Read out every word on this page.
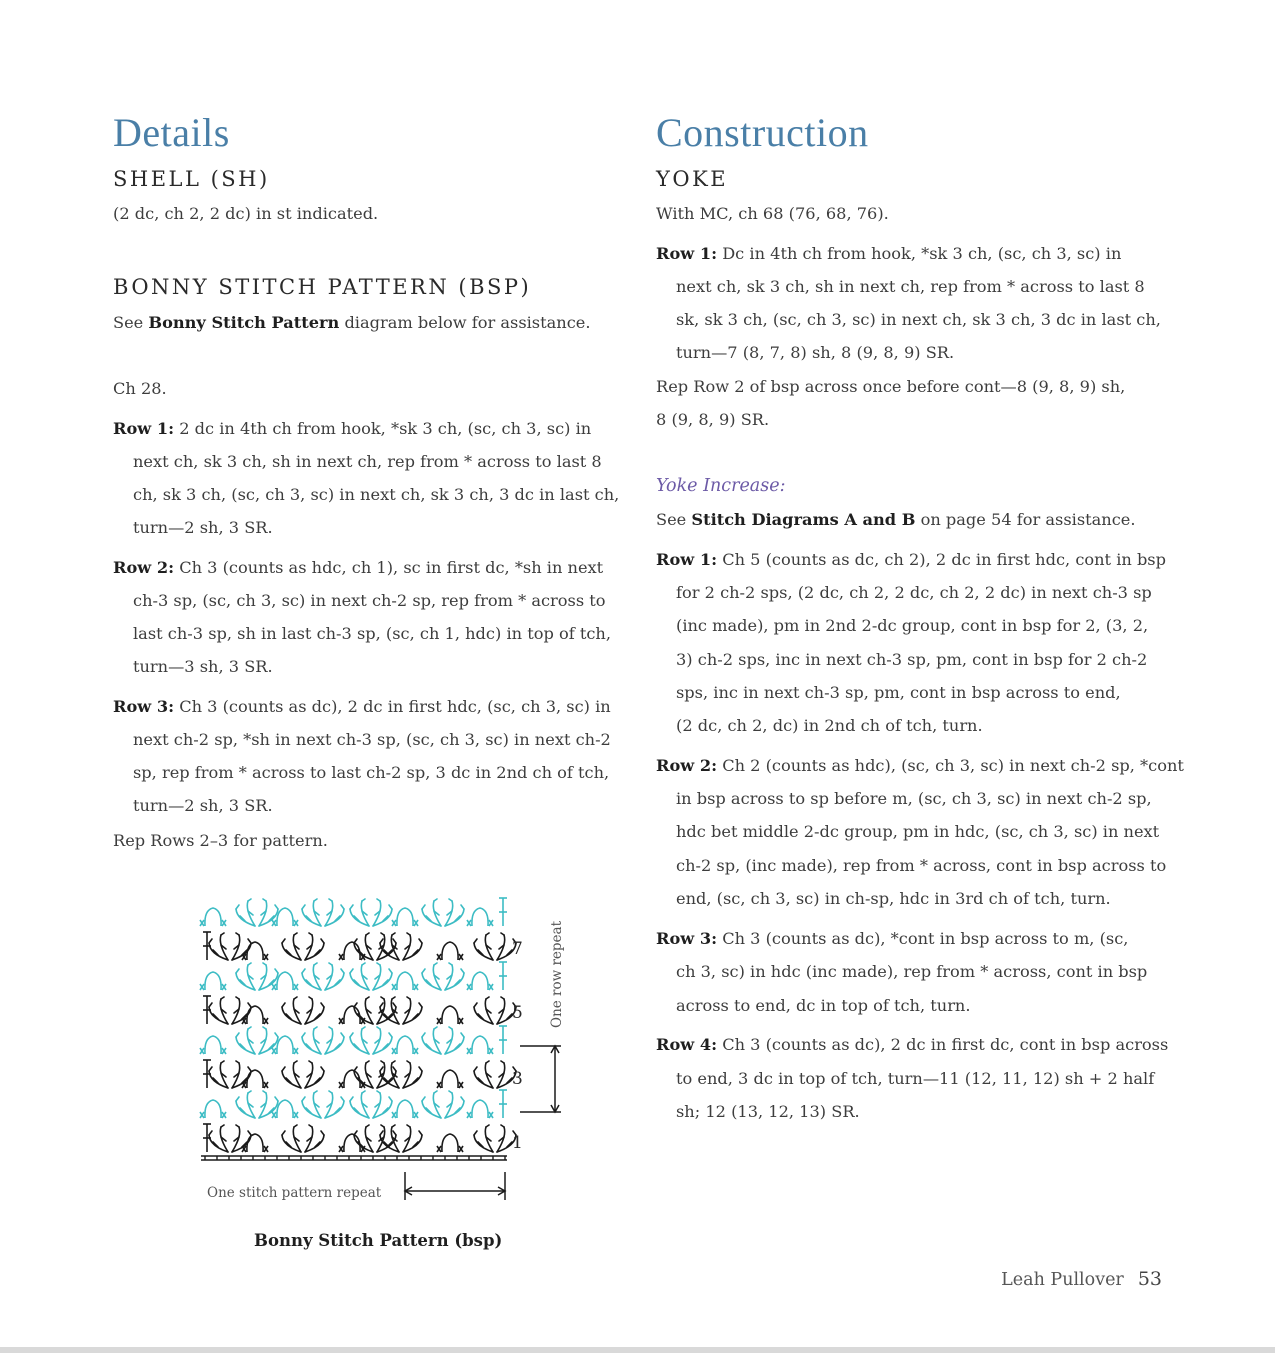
Details
SHELL (SH)
(2 dc, ch 2, 2 dc) in st indicated.
BONNY STITCH PATTERN (BSP)
See Bonny Stitch Pattern diagram below for assistance.
Ch 28.
Row 1: 2 dc in 4th ch from hook, *sk 3 ch, (sc, ch 3, sc) in
next ch, sk 3 ch, sh in next ch, rep from * across to last 8
ch, sk 3 ch, (sc, ch 3, sc) in next ch, sk 3 ch, 3 dc in last ch,
turn—2 sh, 3 SR.
Row 2: Ch 3 (counts as hdc, ch 1), sc in first dc, *sh in next
ch-3 sp, (sc, ch 3, sc) in next ch-2 sp, rep from * across to
last ch-3 sp, sh in last ch-3 sp, (sc, ch 1, hdc) in top of tch,
turn—3 sh, 3 SR.
Row 3: Ch 3 (counts as dc), 2 dc in first hdc, (sc, ch 3, sc) in
next ch-2 sp, *sh in next ch-3 sp, (sc, ch 3, sc) in next ch-2
sp, rep from * across to last ch-2 sp, 3 dc in 2nd ch of tch,
turn—2 sh, 3 SR.
Rep Rows 2–3 for pattern.
7
5
3
1
One row repeat
One stitch pattern repeat

Bonny Stitch Pattern (bsp)

Construction
YOKE
With MC, ch 68 (76, 68, 76).
Row 1: Dc in 4th ch from hook, *sk 3 ch, (sc, ch 3, sc) in
next ch, sk 3 ch, sh in next ch, rep from * across to last 8
sk, sk 3 ch, (sc, ch 3, sc) in next ch, sk 3 ch, 3 dc in last ch,
turn—7 (8, 7, 8) sh, 8 (9, 8, 9) SR.
Rep Row 2 of bsp across once before cont—8 (9, 8, 9) sh,
8 (9, 8, 9) SR.
Yoke Increase:
See Stitch Diagrams A and B on page 54 for assistance.
Row 1: Ch 5 (counts as dc, ch 2), 2 dc in first hdc, cont in bsp
for 2 ch-2 sps, (2 dc, ch 2, 2 dc, ch 2, 2 dc) in next ch-3 sp
(inc made), pm in 2nd 2-dc group, cont in bsp for 2, (3, 2,
3) ch-2 sps, inc in next ch-3 sp, pm, cont in bsp for 2 ch-2
sps, inc in next ch-3 sp, pm, cont in bsp across to end,
(2 dc, ch 2, dc) in 2nd ch of tch, turn.
Row 2: Ch 2 (counts as hdc), (sc, ch 3, sc) in next ch-2 sp, *cont
in bsp across to sp before m, (sc, ch 3, sc) in next ch-2 sp,
hdc bet middle 2-dc group, pm in hdc, (sc, ch 3, sc) in next
ch-2 sp, (inc made), rep from * across, cont in bsp across to
end, (sc, ch 3, sc) in ch-sp, hdc in 3rd ch of tch, turn.
Row 3: Ch 3 (counts as dc), *cont in bsp across to m, (sc,
ch 3, sc) in hdc (inc made), rep from * across, cont in bsp
across to end, dc in top of tch, turn.
Row 4: Ch 3 (counts as dc), 2 dc in first dc, cont in bsp across
to end, 3 dc in top of tch, turn—11 (12, 11, 12) sh + 2 half
sh; 12 (13, 12, 13) SR.

Leah Pullover 53
